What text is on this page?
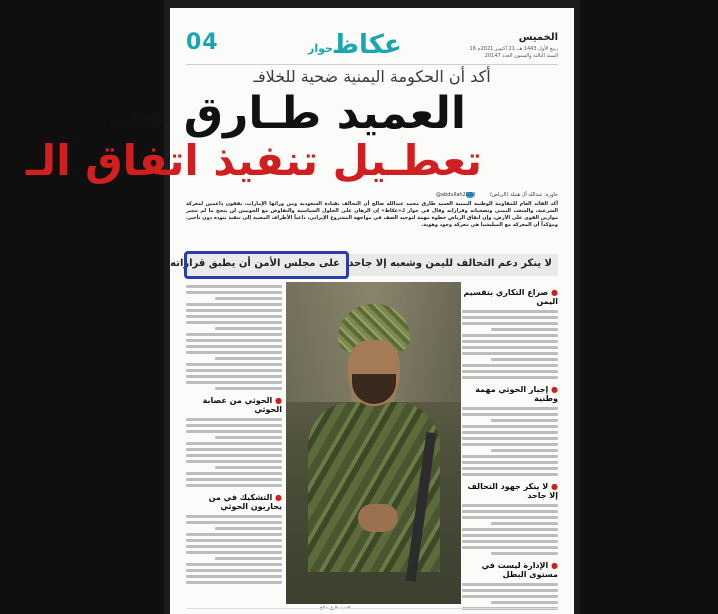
04	حوار عكاظ	الخميس
16 ربيع الأول 1443 هـ، 21 أكتوبر 2021م السنة الثالثة والستون العدد 20147
أكد أن الحكومة اليمنية ضحية للخلافـ
العميد طـارق صـ
تعطـيل تنفيذ اتفاق الـ
حاوره: عبدالله آل هتيلة (الرياض)
@abdullah2020
أكد القائد العام للمقاومة الوطنية اليمنية العميد طارق محمد عبدالله صالح أن التحالف بقيادة السعودية ومن ورائها الإمارات، يقفون داعمين لمعركة الشرعية، والشعب اليمني وتضحياته وقراراته وقال في حوار لـ«عكاظ» إن الرهان على الحلول السياسية والتفاوض مع الحوثيين لن ينجح ما لم تتغير موازين القوى على الأرض، وإن اتفاق الرياض خطوة مهمة لتوحيد الصف في مواجهة المشروع الإيراني، داعياً الأطراف المعنية إلى تنفيذ بنوده دون تأخير، ومؤكداً أن المعركة مع الميليشيا هي معركة وجود وهوية.
لا ينكر دعم التحالف لليمن وشعبه إلا جاحد
على مجلس الأمن أن يطبق قراراته
● الحوثي من عصابة الحوثي
● التشكيك في من يحاربون الحوثي
● صراع التكاري بتقسيم اليمن
● إجبار الحوثي مهمة وطنية
● لا ينكر جهود التحالف إلا جاحد
● الإدارة ليست في مستوى البطل
